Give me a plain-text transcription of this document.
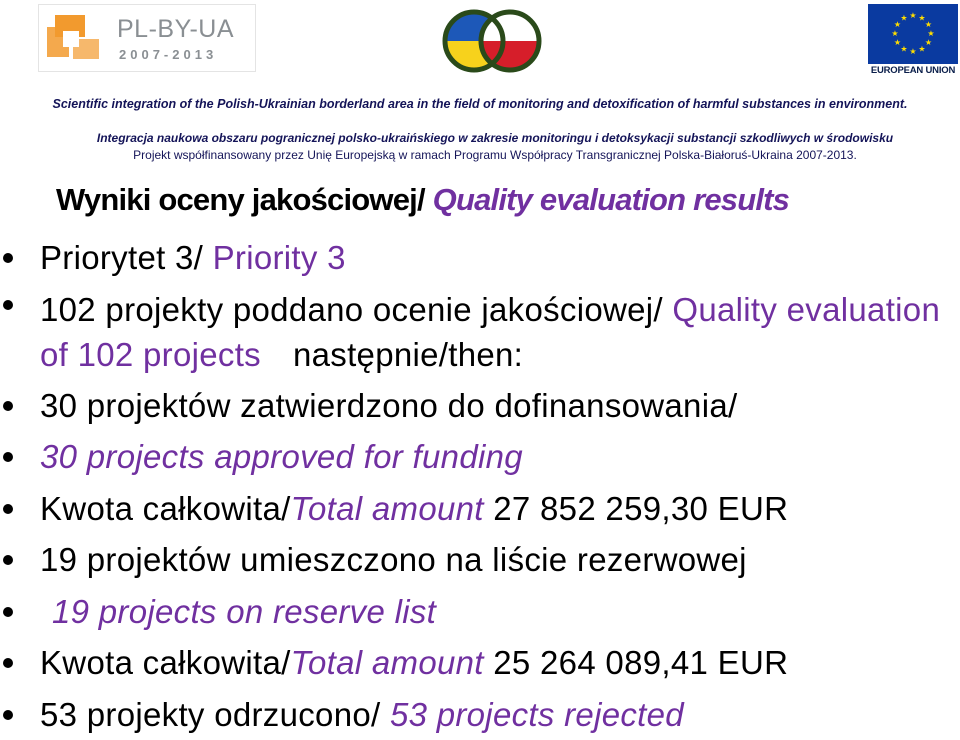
PL-BY-UA
2007-2013
★ ★
★
★
★
★
★
★
★
★
★
★
EUROPEAN UNION
Scientific integration of the Polish-Ukrainian borderland area in the field of monitoring and detoxification of harmful substances in environment.
Integracja naukowa obszaru pogranicznej polsko-ukraińskiego w zakresie monitoringu i detoksykacji substancji szkodliwych w środowisku
Projekt współfinansowany przez Unię Europejską w ramach Programu Współpracy Transgranicznej Polska-Białoruś-Ukraina 2007-2013.
Wyniki oceny jakościowej/ Quality evaluation results
Priorytet 3/ Priority 3
102 projekty poddano ocenie jakościowej/ Quality evaluation of 102 projects następnie/then:
30 projektów zatwierdzono do dofinansowania/
30 projects approved for funding
Kwota całkowita/Total amount 27 852 259,30 EUR
19 projektów umieszczono na liście rezerwowej
19 projects on reserve list
Kwota całkowita/Total amount 25 264 089,41 EUR
53 projekty odrzucono/ 53 projects rejected
